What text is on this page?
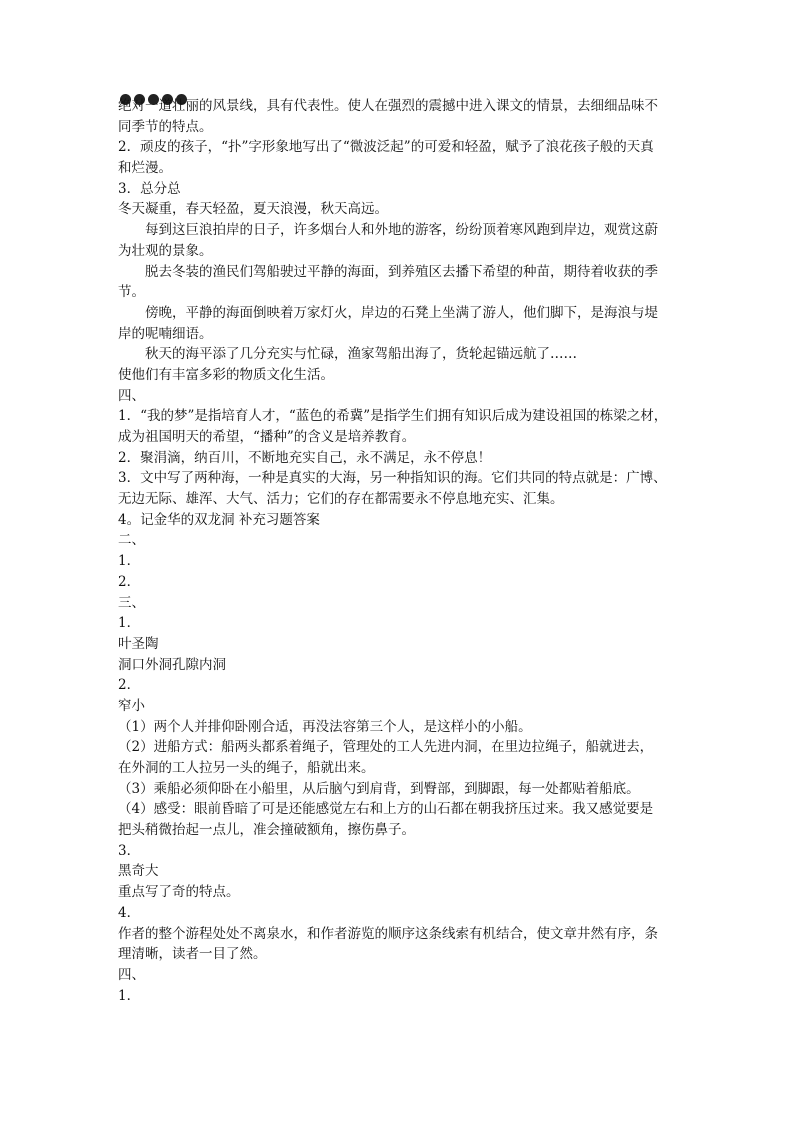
绝对一道壮丽的风景线，具有代表性。使人在强烈的震撼中进入课文的情景，去细细品味不
同季节的特点。
2．顽皮的孩子，“扑”字形象地写出了“微波泛起”的可爱和轻盈，赋予了浪花孩子般的天真
和烂漫。
3．总分总
冬天凝重，春天轻盈，夏天浪漫，秋天高远。
每到这巨浪拍岸的日子，许多烟台人和外地的游客，纷纷顶着寒风跑到岸边，观赏这蔚
为壮观的景象。
脱去冬装的渔民们驾船驶过平静的海面，到养殖区去播下希望的种苗，期待着收获的季
节。
傍晚，平静的海面倒映着万家灯火，岸边的石凳上坐满了游人，他们脚下，是海浪与堤
岸的呢喃细语。
秋天的海平添了几分充实与忙碌，渔家驾船出海了，货轮起锚远航了……
使他们有丰富多彩的物质文化生活。
四、
1．“我的梦”是指培育人才，“蓝色的希冀”是指学生们拥有知识后成为建设祖国的栋梁之材，
成为祖国明天的希望，“播种”的含义是培养教育。
2．聚涓滴，纳百川，不断地充实自己，永不满足，永不停息！
3．文中写了两种海，一种是真实的大海，另一种指知识的海。它们共同的特点就是：广博、
无边无际、雄浑、大气、活力；它们的存在都需要永不停息地充实、汇集。
4。记金华的双龙洞 补充习题答案
二、
1．
2．
三、
1．
叶圣陶
洞口外洞孔隙内洞
2．
窄小
（1）两个人并排仰卧刚合适，再没法容第三个人，是这样小的小船。
（2）进船方式：船两头都系着绳子，管理处的工人先进内洞，在里边拉绳子，船就进去，
在外洞的工人拉另一头的绳子，船就出来。
（3）乘船必须仰卧在小船里，从后脑勺到肩背，到臀部，到脚跟，每一处都贴着船底。
（4）感受：眼前昏暗了可是还能感觉左右和上方的山石都在朝我挤压过来。我又感觉要是
把头稍微抬起一点儿，准会撞破额角，擦伤鼻子。
3．
黑奇大
重点写了奇的特点。
4．
作者的整个游程处处不离泉水，和作者游览的顺序这条线索有机结合，使文章井然有序，条
理清晰，读者一目了然。
四、
1．
